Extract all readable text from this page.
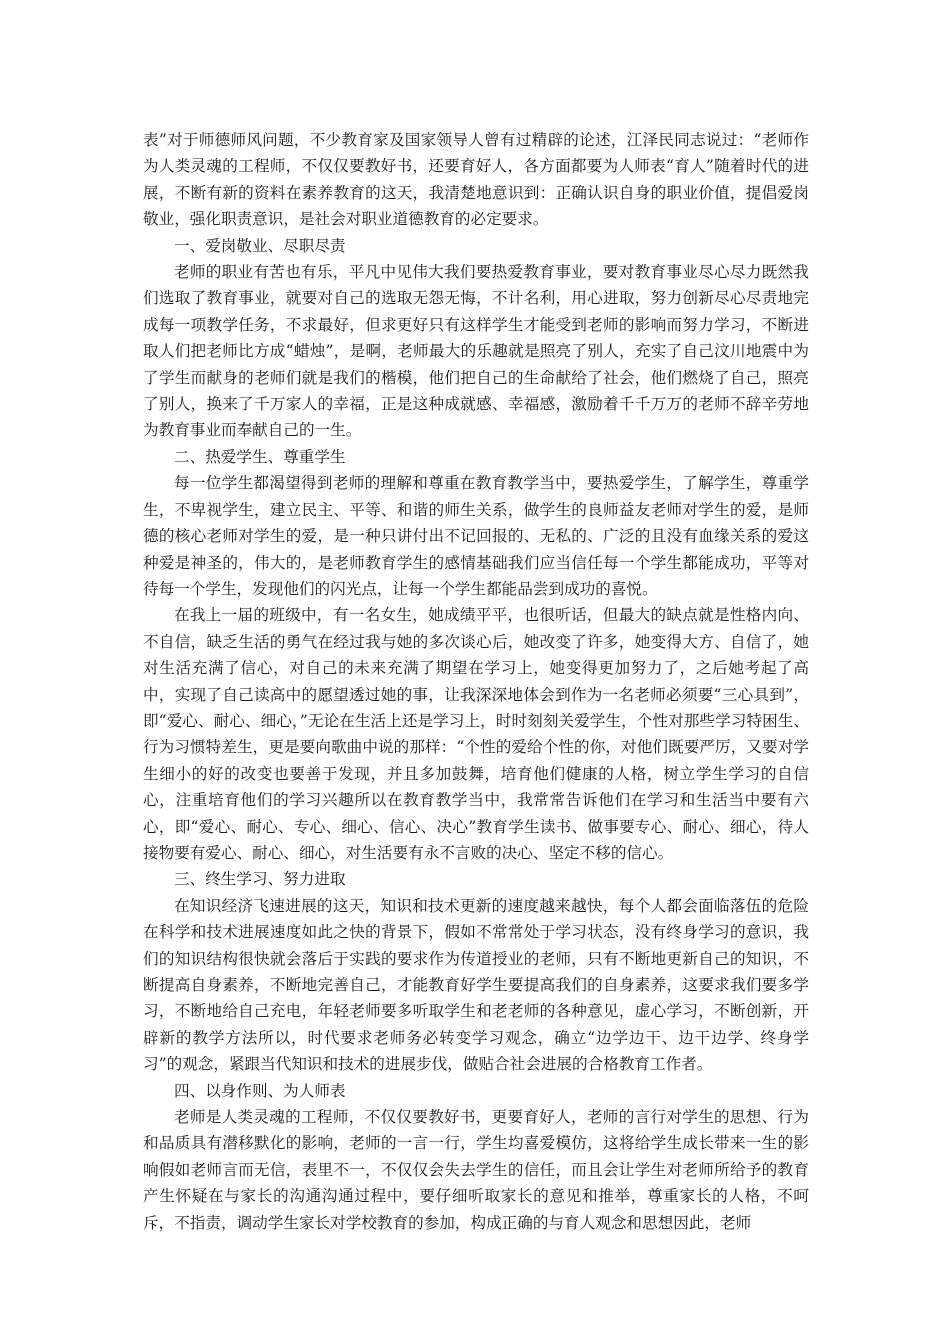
表”对于师德师风问题，不少教育家及国家领导人曾有过精辟的论述，江泽民同志说过：“老师作为人类灵魂的工程师，不仅仅要教好书，还要育好人，各方面都要为人师表“育人”随着时代的进展，不断有新的资料在素养教育的这天，我清楚地意识到：正确认识自身的职业价值，提倡爱岗敬业，强化职责意识，是社会对职业道德教育的必定要求。

一、爱岗敬业、尽职尽责

老师的职业有苦也有乐，平凡中见伟大我们要热爱教育事业，要对教育事业尽心尽力既然我们选取了教育事业，就要对自己的选取无怨无悔，不计名利，用心进取，努力创新尽心尽责地完成每一项教学任务，不求最好，但求更好只有这样学生才能受到老师的影响而努力学习，不断进取人们把老师比方成“蜡烛”，是啊，老师最大的乐趣就是照亮了别人，充实了自己汶川地震中为了学生而献身的老师们就是我们的楷模，他们把自己的生命献给了社会，他们燃烧了自己，照亮了别人，换来了千万家人的幸福，正是这种成就感、幸福感，激励着千千万万的老师不辞辛劳地为教育事业而奉献自己的一生。

二、热爱学生、尊重学生

每一位学生都渴望得到老师的理解和尊重在教育教学当中，要热爱学生，了解学生，尊重学生，不卑视学生，建立民主、平等、和谐的师生关系，做学生的良师益友老师对学生的爱，是师德的核心老师对学生的爱，是一种只讲付出不记回报的、无私的、广泛的且没有血缘关系的爱这种爱是神圣的，伟大的，是老师教育学生的感情基础我们应当信任每一个学生都能成功，平等对待每一个学生，发现他们的闪光点，让每一个学生都能品尝到成功的喜悦。

在我上一届的班级中，有一名女生，她成绩平平，也很听话，但最大的缺点就是性格内向、不自信，缺乏生活的勇气在经过我与她的多次谈心后，她改变了许多，她变得大方、自信了，她对生活充满了信心，对自己的未来充满了期望在学习上，她变得更加努力了，之后她考起了高中，实现了自己读高中的愿望透过她的事，让我深深地体会到作为一名老师必须要“三心具到”，即“爱心、耐心、细心，”无论在生活上还是学习上，时时刻刻关爱学生，个性对那些学习特困生、行为习惯特差生，更是要向歌曲中说的那样：“个性的爱给个性的你，对他们既要严厉，又要对学生细小的好的改变也要善于发现，并且多加鼓舞，培育他们健康的人格，树立学生学习的自信心，注重培育他们的学习兴趣所以在教育教学当中，我常常告诉他们在学习和生活当中要有六心，即“爱心、耐心、专心、细心、信心、决心”教育学生读书、做事要专心、耐心、细心，待人接物要有爱心、耐心、细心，对生活要有永不言败的决心、坚定不移的信心。

三、终生学习、努力进取

在知识经济飞速进展的这天，知识和技术更新的速度越来越快，每个人都会面临落伍的危险在科学和技术进展速度如此之快的背景下，假如不常常处于学习状态，没有终身学习的意识，我们的知识结构很快就会落后于实践的要求作为传道授业的老师，只有不断地更新自己的知识，不断提高自身素养，不断地完善自己，才能教育好学生要提高我们的自身素养，这要求我们要多学习，不断地给自己充电，年轻老师要多听取学生和老老师的各种意见，虚心学习，不断创新，开辟新的教学方法所以，时代要求老师务必转变学习观念，确立“边学边干、边干边学、终身学习”的观念，紧跟当代知识和技术的进展步伐，做贴合社会进展的合格教育工作者。

四、以身作则、为人师表

老师是人类灵魂的工程师，不仅仅要教好书，更要育好人，老师的言行对学生的思想、行为和品质具有潜移默化的影响，老师的一言一行，学生均喜爱模仿，这将给学生成长带来一生的影响假如老师言而无信，表里不一，不仅仅会失去学生的信任，而且会让学生对老师所给予的教育产生怀疑在与家长的沟通沟通过程中，要仔细听取家长的意见和推举，尊重家长的人格，不呵斥，不指责，调动学生家长对学校教育的参加，构成正确的与育人观念和思想因此，老师
